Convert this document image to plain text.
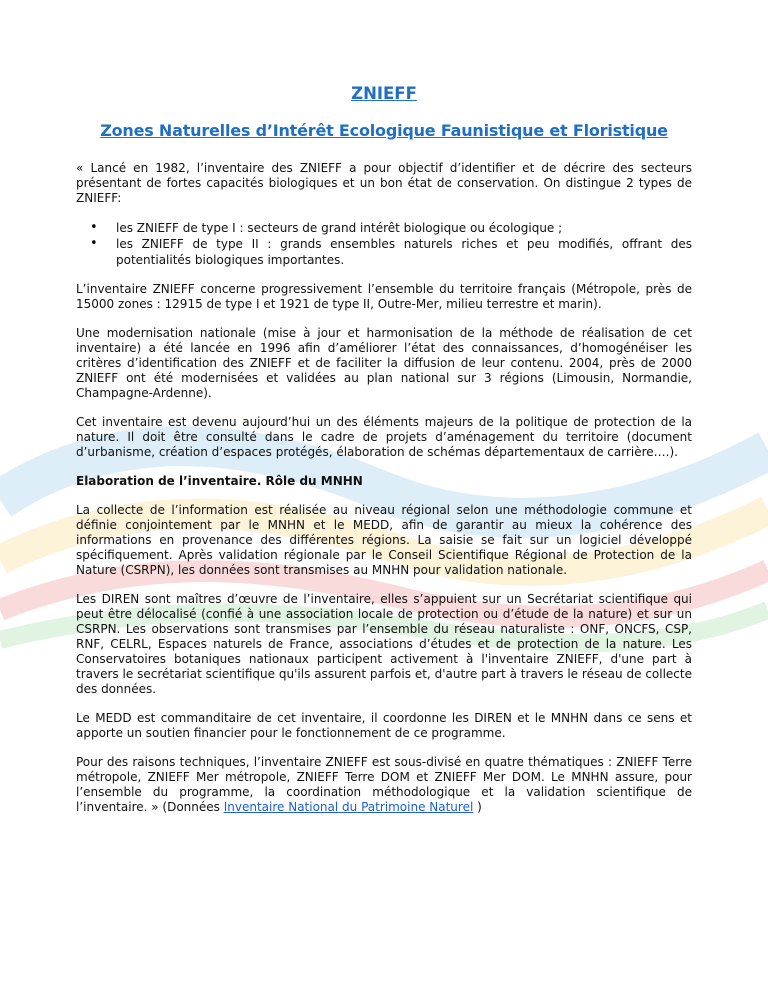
ZNIEFF
Zones Naturelles d’Intérêt Ecologique Faunistique et Floristique

« Lancé en 1982, l’inventaire des ZNIEFF a pour objectif d’identifier et de décrire des secteurs présentant de fortes capacités biologiques et un bon état de conservation. On distingue 2 types de ZNIEFF:

• les ZNIEFF de type I : secteurs de grand intérêt biologique ou écologique ;
• les ZNIEFF de type II : grands ensembles naturels riches et peu modifiés, offrant des potentialités biologiques importantes.

L’inventaire ZNIEFF concerne progressivement l’ensemble du territoire français (Métropole, près de 15000 zones : 12915 de type I et 1921 de type II, Outre-Mer, milieu terrestre et marin).

Une modernisation nationale (mise à jour et harmonisation de la méthode de réalisation de cet inventaire) a été lancée en 1996 afin d’améliorer l’état des connaissances, d’homogénéiser les critères d’identification des ZNIEFF et de faciliter la diffusion de leur contenu. 2004, près de 2000 ZNIEFF ont été modernisées et validées au plan national sur 3 régions (Limousin, Normandie, Champagne-Ardenne).

Cet inventaire est devenu aujourd’hui un des éléments majeurs de la politique de protection de la nature. Il doit être consulté dans le cadre de projets d’aménagement du territoire (document d’urbanisme, création d’espaces protégés, élaboration de schémas départementaux de carrière….).

Elaboration de l’inventaire. Rôle du MNHN

La collecte de l’information est réalisée au niveau régional selon une méthodologie commune et définie conjointement par le MNHN et le MEDD, afin de garantir au mieux la cohérence des informations en provenance des différentes régions. La saisie se fait sur un logiciel développé spécifiquement. Après validation régionale par le Conseil Scientifique Régional de Protection de la Nature (CSRPN), les données sont transmises au MNHN pour validation nationale.

Les DIREN sont maîtres d’œuvre de l’inventaire, elles s’appuient sur un Secrétariat scientifique qui peut être délocalisé (confié à une association locale de protection ou d’étude de la nature) et sur un CSRPN. Les observations sont transmises par l’ensemble du réseau naturaliste : ONF, ONCFS, CSP, RNF, CELRL, Espaces naturels de France, associations d’études et de protection de la nature. Les Conservatoires botaniques nationaux participent activement à l'inventaire ZNIEFF, d'une part à travers le secrétariat scientifique qu'ils assurent parfois et, d'autre part à travers le réseau de collecte des données.

Le MEDD est commanditaire de cet inventaire, il coordonne les DIREN et le MNHN dans ce sens et apporte un soutien financier pour le fonctionnement de ce programme.

Pour des raisons techniques, l’inventaire ZNIEFF est sous-divisé en quatre thématiques : ZNIEFF Terre métropole, ZNIEFF Mer métropole, ZNIEFF Terre DOM et ZNIEFF Mer DOM. Le MNHN assure, pour l’ensemble du programme, la coordination méthodologique et la validation scientifique de l’inventaire. » (Données Inventaire National du Patrimoine Naturel )
